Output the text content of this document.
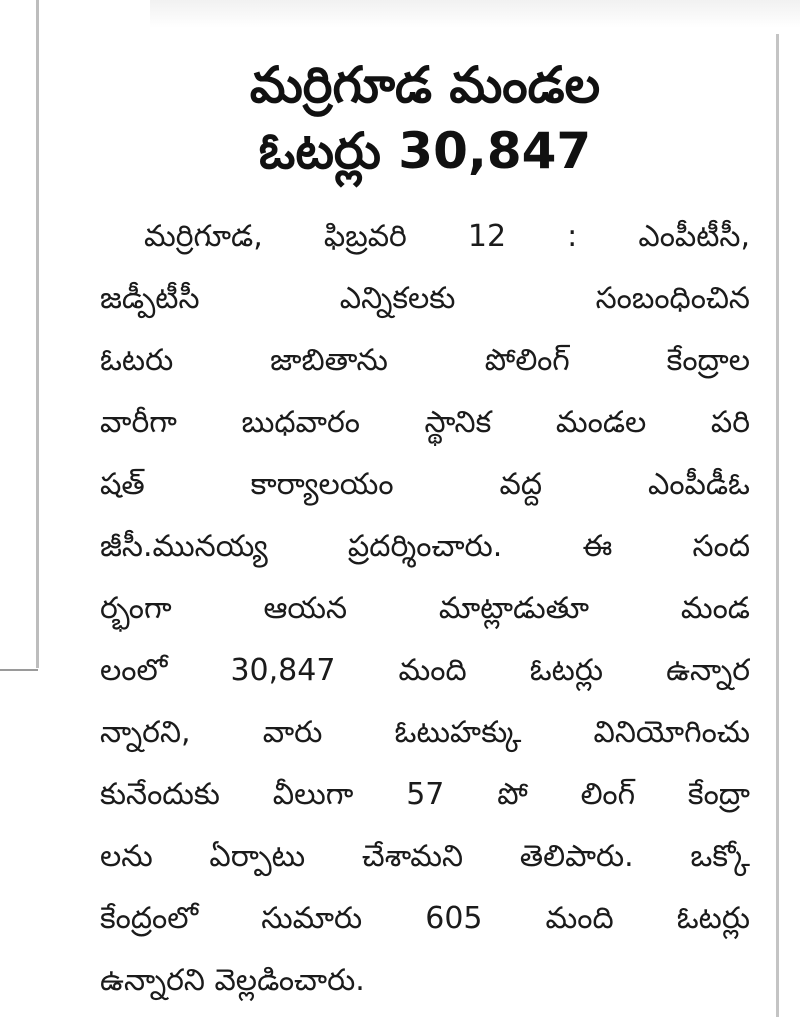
మర్రిగూడ మండల
ఓటర్లు 30,847
మర్రిగూడ, ఫిబ్రవరి 12 : ఎంపీటీసీ,
జడ్పీటీసీ ఎన్నికలకు సంబంధించిన
ఓటరు జాబితాను పోలింగ్ కేంద్రాల
వారీగా బుధవారం స్థానిక మండల పరి
షత్ కార్యాలయం వద్ద ఎంపీడీఓ
జీసీ.మునయ్య ప్రదర్శించారు. ఈ సంద
ర్భంగా ఆయన మాట్లాడుతూ మండ
లంలో 30,847 మంది ఓటర్లు ఉన్నార
న్నారని, వారు ఓటుహక్కు వినియోగించు
కునేందుకు వీలుగా 57 పో లింగ్ కేంద్రా
లను ఏర్పాటు చేశామని తెలిపారు. ఒక్కో
కేంద్రంలో సుమారు 605 మంది ఓటర్లు
ఉన్నారని వెల్లడించారు.
